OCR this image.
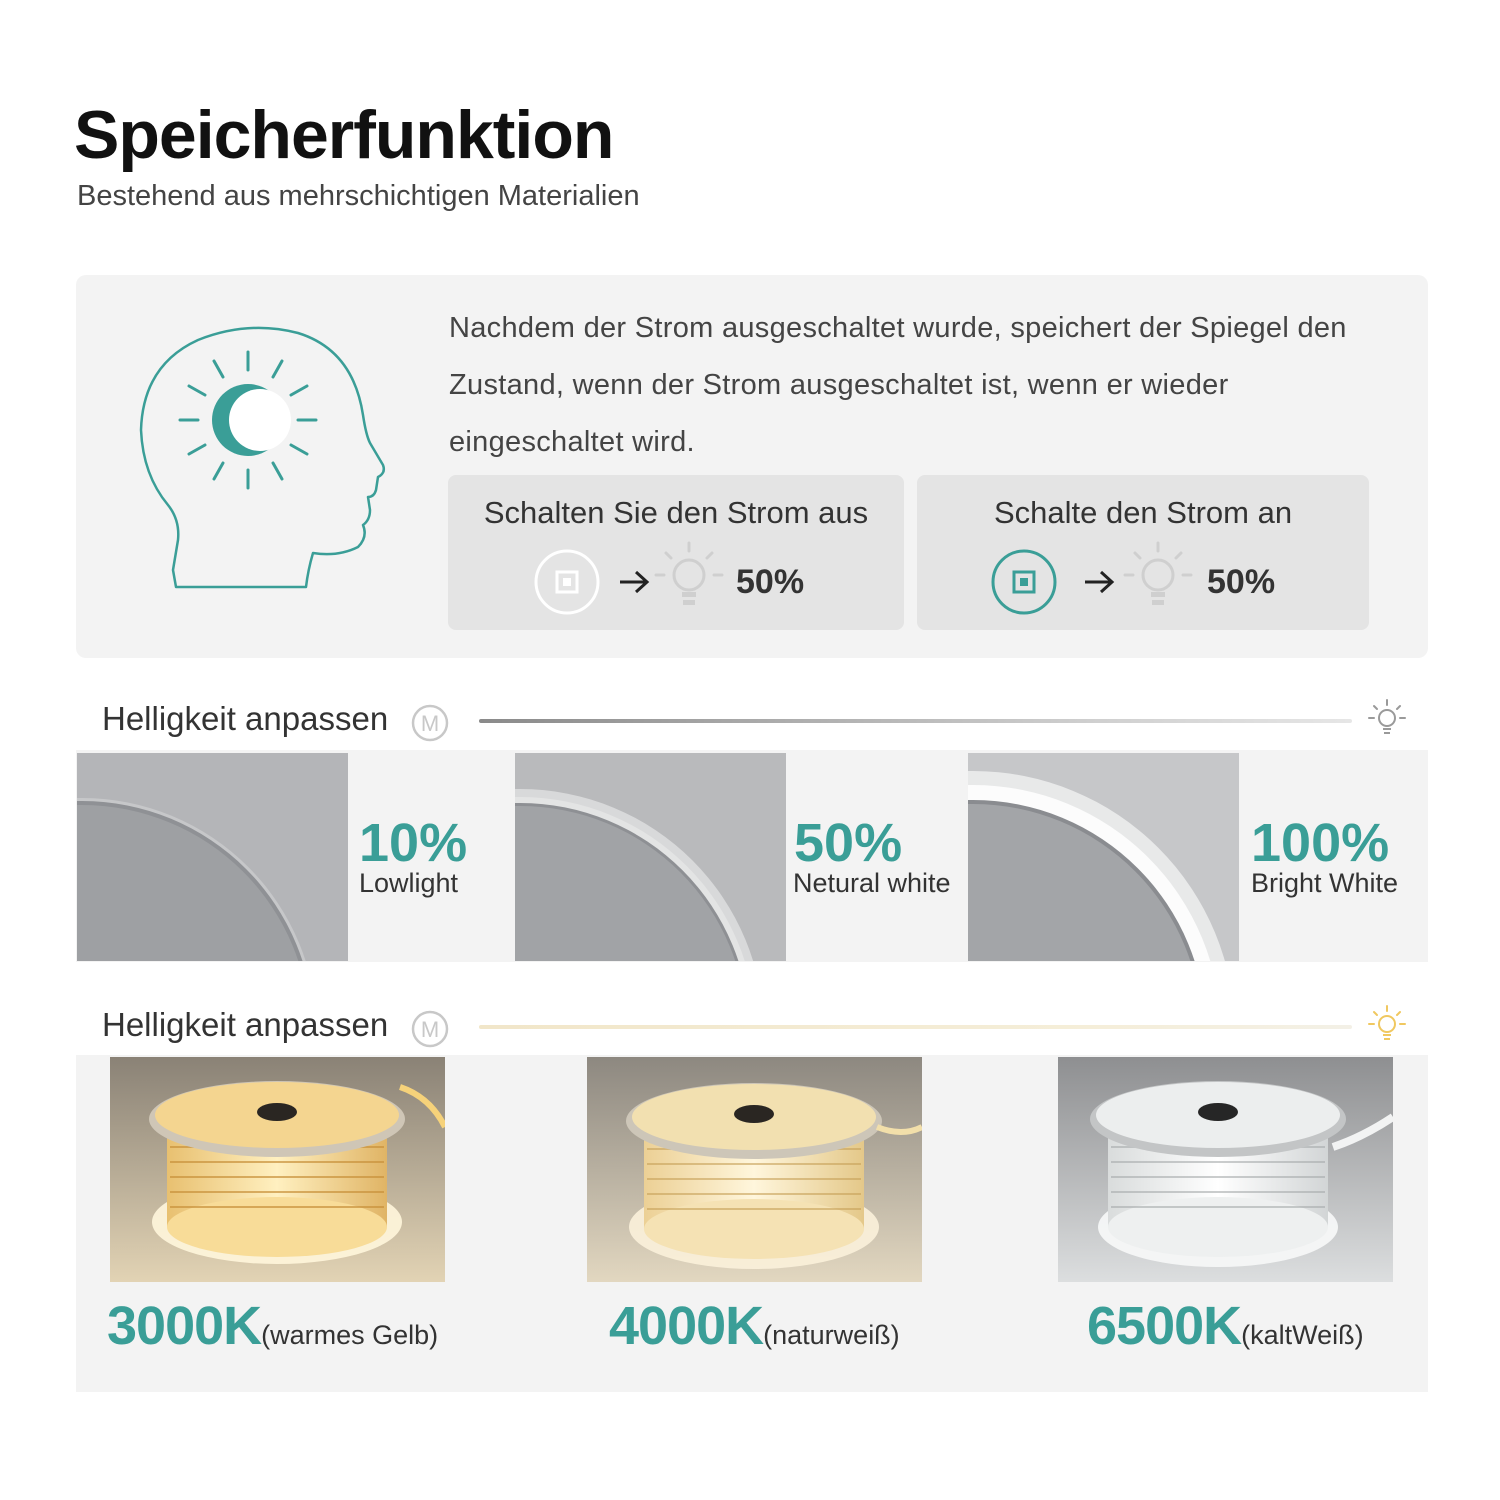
Speicherfunktion
Bestehend aus mehrschichtigen Materialien
Nachdem der Strom ausgeschaltet wurde, speichert der Spiegel den Zustand, wenn der Strom ausgeschaltet ist, wenn er wieder eingeschaltet wird.
Schalten Sie den Strom aus
50%
Schalte den Strom an
50%
Helligkeit anpassen M
10%
Lowlight
50%
Netural white
100%
Bright White
Helligkeit anpassen M
3000K(warmes Gelb)	4000K(naturweiß)	6500K(kaltWeiß)
